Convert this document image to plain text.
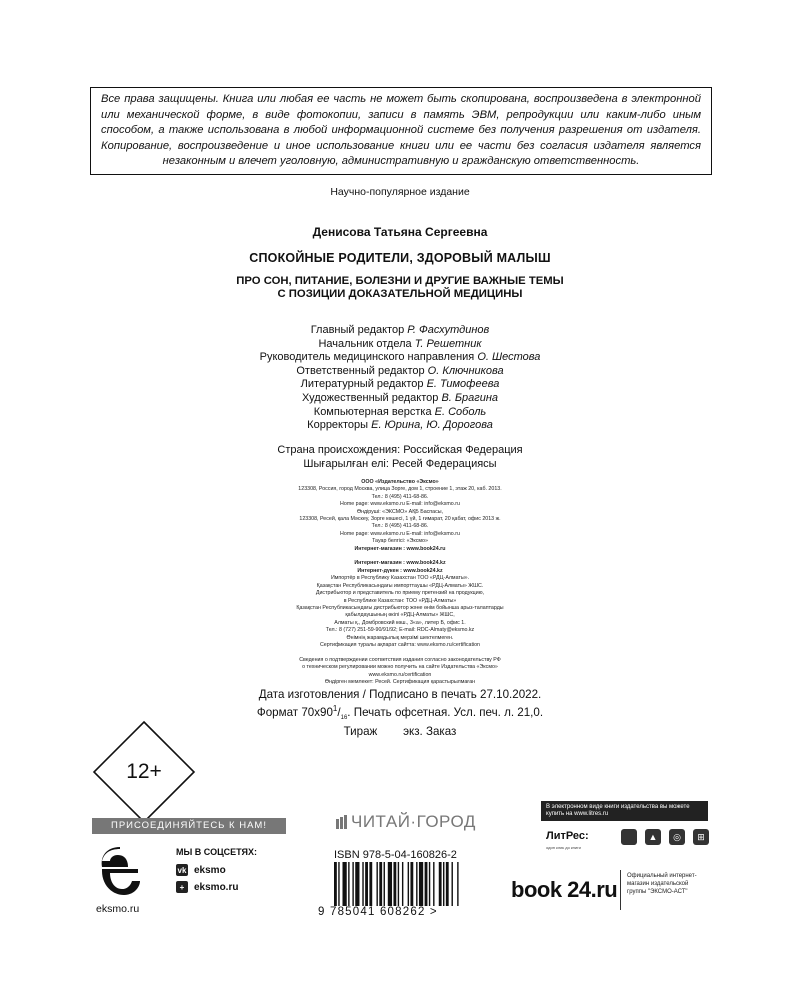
Все права защищены. Книга или любая ее часть не может быть скопирована, воспроизведена в электронной или механической форме, в виде фотокопии, записи в память ЭВМ, репродукции или каким-либо иным способом, а также использована в любой информационной системе без получения разрешения от издателя. Копирование, воспроизведение и иное использование книги или ее части без согласия издателя является незаконным и влечет уголовную, административную и гражданскую ответственность.

Научно-популярное издание
Денисова Татьяна Сергеевна
СПОКОЙНЫЕ РОДИТЕЛИ, ЗДОРОВЫЙ МАЛЫШ
ПРО СОН, ПИТАНИЕ, БОЛЕЗНИ И ДРУГИЕ ВАЖНЫЕ ТЕМЫ
С ПОЗИЦИИ ДОКАЗАТЕЛЬНОЙ МЕДИЦИНЫ
Главный редактор Р. Фасхутдинов
Начальник отдела Т. Решетник
Руководитель медицинского направления О. Шестова
Ответственный редактор О. Ключникова
Литературный редактор Е. Тимофеева
Художественный редактор В. Брагина
Компьютерная верстка Е. Соболь
Корректоры Е. Юрина, Ю. Дорогова
Страна происхождения: Российская Федерация
Шығарылған елі: Ресей Федерациясы
ООО «Издательство «Эксмо»
123308, Россия, город Москва, улица Зорге, дом 1, строение 1, этаж 20, каб. 2013.
Тел.: 8 (495) 411-68-86.
Home page: www.eksmo.ru E-mail: info@eksmo.ru
Өндіруші: «ЭКСМО» АҚБ Баспасы,
123308, Ресей, қала Мәскеу, Зорге көшесі, 1 үй, 1 ғимарат, 20 қабат, офис 2013 ж.
Тел.: 8 (495) 411-68-86.
Home page: www.eksmo.ru E-mail: info@eksmo.ru
Тауар белгісі: «Эксмо»
Интернет-магазин : www.book24.ru

Интернет-магазин : www.book24.kz
Интернет-дүкен : www.book24.kz
Импортёр в Республику Казахстан ТОО «РДЦ-Алматы».
Қазақстан Республикасындағы импорттаушы «РДЦ-Алматы» ЖШС.
Дистрибьютор и представитель по приему претензий на продукцию,
в Республике Казахстан: ТОО «РДЦ-Алматы»
Қазақстан Республикасындағы дистрибьютор және өнім бойынша арыз-талаптарды
қабылдаушының өкілі «РДЦ-Алматы» ЖШС,
Алматы қ., Домбровский көш., 3«а», литер Б, офис 1.
Тел.: 8 (727) 251-59-90/91/92; E-mail: RDC-Almaty@eksmo.kz
Өнімнің жарамдылық мерзімі шектелмеген.
Сертификация туралы ақпарат сайтта: www.eksmo.ru/certification

Сведения о подтверждении соответствия издания согласно законодательству РФ
о техническом регулировании можно получить на сайте Издательства «Эксмо»
www.eksmo.ru/certification
Өндірген мемлекет: Ресей. Сертификация қарастырылмаған
Дата изготовления / Подписано в печать 27.10.2022.
Формат $70х90^1/_{16}$. Печать офсетная. Усл. печ. л. 21,0.
Тираж        экз. Заказ
12+
ПРИСОЕДИНЯЙТЕСЬ К НАМ!
eksmo.ru
МЫ В СОЦСЕТЯХ:
vk eksmo
+ eksmo.ru
ЧИТАЙ·ГОРОД
ISBN 978-5-04-160826-2
9 785041 608262 >
В электронном виде книги издательства вы можете купить на www.litres.ru
ЛитРес:
один клик до книги
▲	◎	⊞
book 24.ru
Официальный интернет-магазин издательской группы "ЭКСМО-АСТ"
